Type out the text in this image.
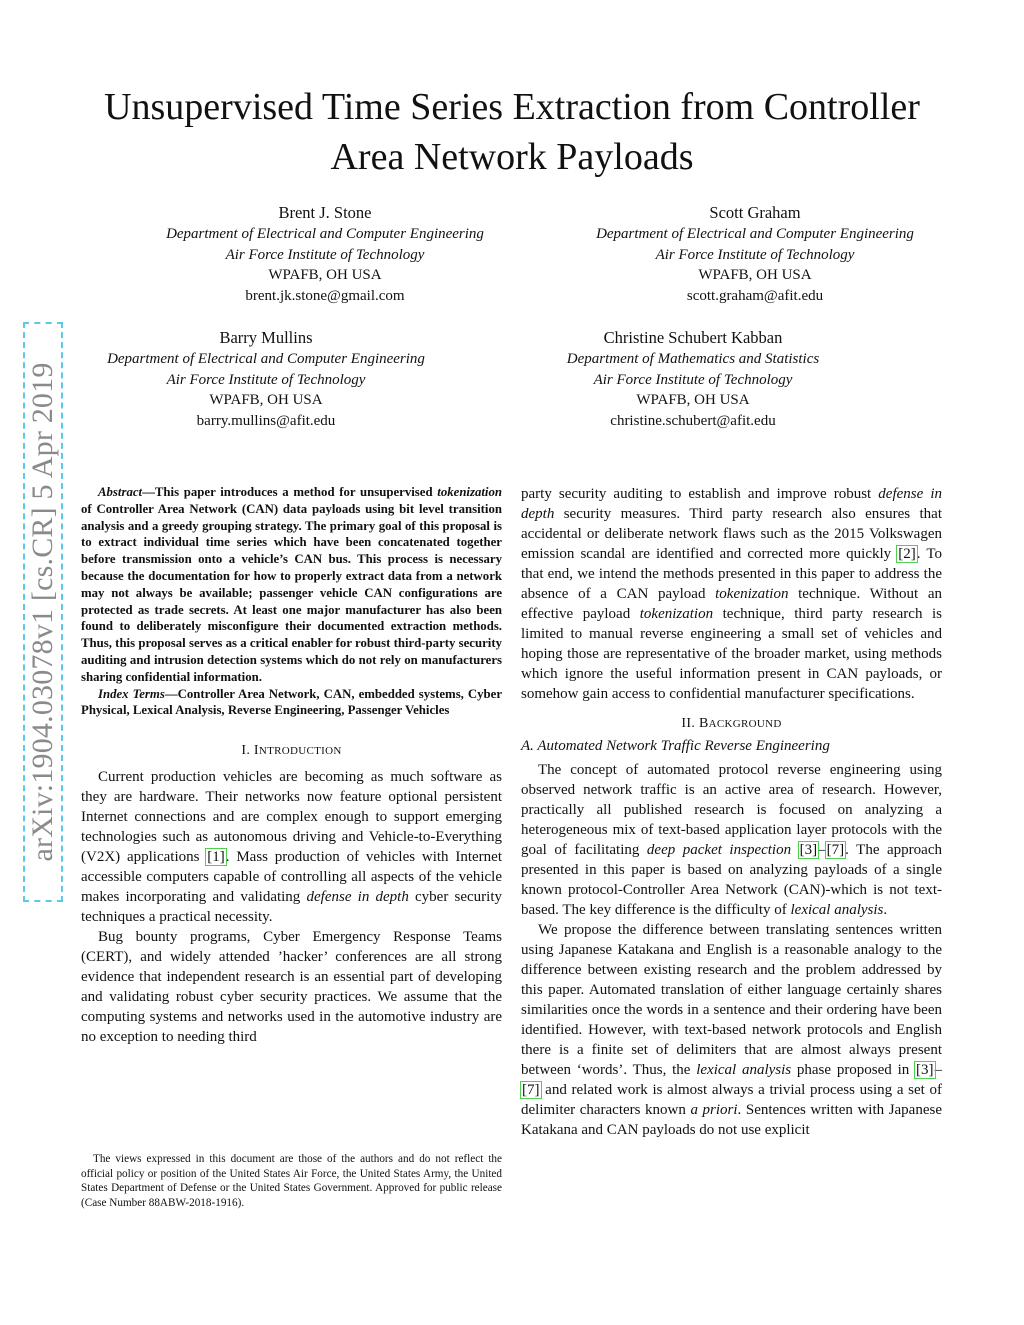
arXiv:1904.03078v1 [cs.CR] 5 Apr 2019
Unsupervised Time Series Extraction from Controller Area Network Payloads
Brent J. Stone
Department of Electrical and Computer Engineering
Air Force Institute of Technology
WPAFB, OH USA
brent.jk.stone@gmail.com
Scott Graham
Department of Electrical and Computer Engineering
Air Force Institute of Technology
WPAFB, OH USA
scott.graham@afit.edu
Barry Mullins
Department of Electrical and Computer Engineering
Air Force Institute of Technology
WPAFB, OH USA
barry.mullins@afit.edu
Christine Schubert Kabban
Department of Mathematics and Statistics
Air Force Institute of Technology
WPAFB, OH USA
christine.schubert@afit.edu

Abstract—This paper introduces a method for unsupervised tokenization of Controller Area Network (CAN) data payloads using bit level transition analysis and a greedy grouping strategy. The primary goal of this proposal is to extract individual time series which have been concatenated together before transmission onto a vehicle’s CAN bus. This process is necessary because the documentation for how to properly extract data from a network may not always be available; passenger vehicle CAN configurations are protected as trade secrets. At least one major manufacturer has also been found to deliberately misconfigure their documented extraction methods. Thus, this proposal serves as a critical enabler for robust third-party security auditing and intrusion detection systems which do not rely on manufacturers sharing confidential information.

Index Terms—Controller Area Network, CAN, embedded systems, Cyber Physical, Lexical Analysis, Reverse Engineering, Passenger Vehicles

I. INTRODUCTION

Current production vehicles are becoming as much software as they are hardware. Their networks now feature optional persistent Internet connections and are complex enough to support emerging technologies such as autonomous driving and Vehicle-to-Everything (V2X) applications [1]. Mass production of vehicles with Internet accessible computers capable of controlling all aspects of the vehicle makes incorporating and validating defense in depth cyber security techniques a practical necessity.

Bug bounty programs, Cyber Emergency Response Teams (CERT), and widely attended ’hacker’ conferences are all strong evidence that independent research is an essential part of developing and validating robust cyber security practices. We assume that the computing systems and networks used in the automotive industry are no exception to needing third

The views expressed in this document are those of the authors and do not reflect the official policy or position of the United States Air Force, the United States Army, the United States Department of Defense or the United States Government. Approved for public release (Case Number 88ABW-2018-1916).

party security auditing to establish and improve robust defense in depth security measures. Third party research also ensures that accidental or deliberate network flaws such as the 2015 Volkswagen emission scandal are identified and corrected more quickly [2]. To that end, we intend the methods presented in this paper to address the absence of a CAN payload tokenization technique. Without an effective payload tokenization technique, third party research is limited to manual reverse engineering a small set of vehicles and hoping those are representative of the broader market, using methods which ignore the useful information present in CAN payloads, or somehow gain access to confidential manufacturer specifications.

II. BACKGROUND

A. Automated Network Traffic Reverse Engineering

The concept of automated protocol reverse engineering using observed network traffic is an active area of research. However, practically all published research is focused on analyzing a heterogeneous mix of text-based application layer protocols with the goal of facilitating deep packet inspection [3]–[7]. The approach presented in this paper is based on analyzing payloads of a single known protocol-Controller Area Network (CAN)-which is not text-based. The key difference is the difficulty of lexical analysis.

We propose the difference between translating sentences written using Japanese Katakana and English is a reasonable analogy to the difference between existing research and the problem addressed by this paper. Automated translation of either language certainly shares similarities once the words in a sentence and their ordering have been identified. However, with text-based network protocols and English there is a finite set of delimiters that are almost always present between ‘words’. Thus, the lexical analysis phase proposed in [3]–[7] and related work is almost always a trivial process using a set of delimiter characters known a priori. Sentences written with Japanese Katakana and CAN payloads do not use explicit
